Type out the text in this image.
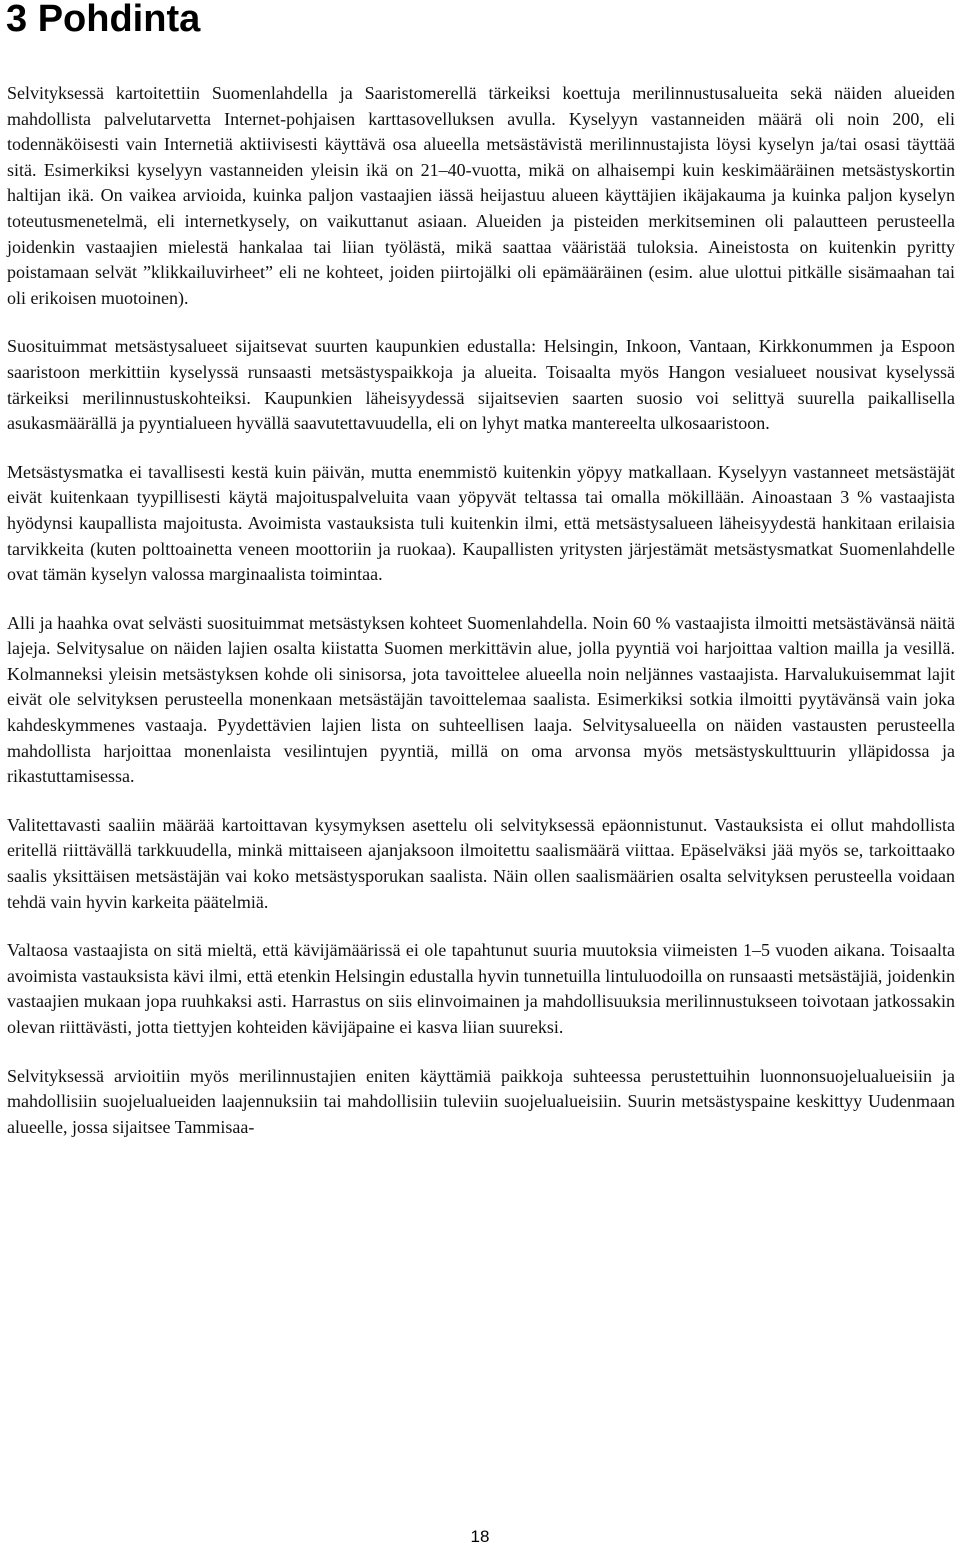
3 Pohdinta

Selvityksessä kartoitettiin Suomenlahdella ja Saaristomerellä tärkeiksi koettuja merilinnustusalueita sekä näiden alueiden mahdollista palvelutarvetta Internet-pohjaisen karttasovelluksen avulla. Kyselyyn vastanneiden määrä oli noin 200, eli todennäköisesti vain Internetiä aktiivisesti käyttävä osa alueella metsästävistä merilinnustajista löysi kyselyn ja/tai osasi täyttää sitä. Esimerkiksi kyselyyn vastanneiden yleisin ikä on 21–40-vuotta, mikä on alhaisempi kuin keskimääräinen metsästyskortin haltijan ikä. On vaikea arvioida, kuinka paljon vastaajien iässä heijastuu alueen käyttäjien ikäjakauma ja kuinka paljon kyselyn toteutusmenetelmä, eli internetkysely, on vaikuttanut asiaan. Alueiden ja pisteiden merkitseminen oli palautteen perusteella joidenkin vastaajien mielestä hankalaa tai liian työlästä, mikä saattaa vääristää tuloksia. Aineistosta on kuitenkin pyritty poistamaan selvät ”klikkailuvirheet” eli ne kohteet, joiden piirtojälki oli epämääräinen (esim. alue ulottui pitkälle sisämaahan tai oli erikoisen muotoinen).

Suosituimmat metsästysalueet sijaitsevat suurten kaupunkien edustalla: Helsingin, Inkoon, Vantaan, Kirkkonummen ja Espoon saaristoon merkittiin kyselyssä runsaasti metsästyspaikkoja ja alueita. Toisaalta myös Hangon vesialueet nousivat kyselyssä tärkeiksi merilinnustuskohteiksi. Kaupunkien läheisyydessä sijaitsevien saarten suosio voi selittyä suurella paikallisella asukasmäärällä ja pyyntialueen hyvällä saavutettavuudella, eli on lyhyt matka mantereelta ulkosaaristoon.

Metsästysmatka ei tavallisesti kestä kuin päivän, mutta enemmistö kuitenkin yöpyy matkallaan. Kyselyyn vastanneet metsästäjät eivät kuitenkaan tyypillisesti käytä majoituspalveluita vaan yöpyvät teltassa tai omalla mökillään. Ainoastaan 3 % vastaajista hyödynsi kaupallista majoitusta. Avoimista vastauksista tuli kuitenkin ilmi, että metsästysalueen läheisyydestä hankitaan erilaisia tarvikkeita (kuten polttoainetta veneen moottoriin ja ruokaa). Kaupallisten yritysten järjestämät metsästysmatkat Suomenlahdelle ovat tämän kyselyn valossa marginaalista toimintaa.

Alli ja haahka ovat selvästi suosituimmat metsästyksen kohteet Suomenlahdella. Noin 60 % vastaajista ilmoitti metsästävänsä näitä lajeja. Selvitysalue on näiden lajien osalta kiistatta Suomen merkittävin alue, jolla pyyntiä voi harjoittaa valtion mailla ja vesillä. Kolmanneksi yleisin metsästyksen kohde oli sinisorsa, jota tavoittelee alueella noin neljännes vastaajista. Harvalukuisemmat lajit eivät ole selvityksen perusteella monenkaan metsästäjän tavoittelemaa saalista. Esimerkiksi sotkia ilmoitti pyytävänsä vain joka kahdeskymmenes vastaaja. Pyydettävien lajien lista on suhteellisen laaja. Selvitysalueella on näiden vastausten perusteella mahdollista harjoittaa monenlaista vesilintujen pyyntiä, millä on oma arvonsa myös metsästyskulttuurin ylläpidossa ja rikastuttamisessa.

Valitettavasti saaliin määrää kartoittavan kysymyksen asettelu oli selvityksessä epäonnistunut. Vastauksista ei ollut mahdollista eritellä riittävällä tarkkuudella, minkä mittaiseen ajanjaksoon ilmoitettu saalismäärä viittaa. Epäselväksi jää myös se, tarkoittaako saalis yksittäisen metsästäjän vai koko metsästysporukan saalista. Näin ollen saalismäärien osalta selvityksen perusteella voidaan tehdä vain hyvin karkeita päätelmiä.

Valtaosa vastaajista on sitä mieltä, että kävijämäärissä ei ole tapahtunut suuria muutoksia viimeisten 1–5 vuoden aikana. Toisaalta avoimista vastauksista kävi ilmi, että etenkin Helsingin edustalla hyvin tunnetuilla lintuluodoilla on runsaasti metsästäjiä, joidenkin vastaajien mukaan jopa ruuhkaksi asti. Harrastus on siis elinvoimainen ja mahdollisuuksia merilinnustukseen toivotaan jatkossakin olevan riittävästi, jotta tiettyjen kohteiden kävijäpaine ei kasva liian suureksi.

Selvityksessä arvioitiin myös merilinnustajien eniten käyttämiä paikkoja suhteessa perustettuihin luonnonsuojelualueisiin ja mahdollisiin suojelualueiden laajennuksiin tai mahdollisiin tuleviin suojelualueisiin. Suurin metsästyspaine keskittyy Uudenmaan alueelle, jossa sijaitsee Tammisaa-

18
